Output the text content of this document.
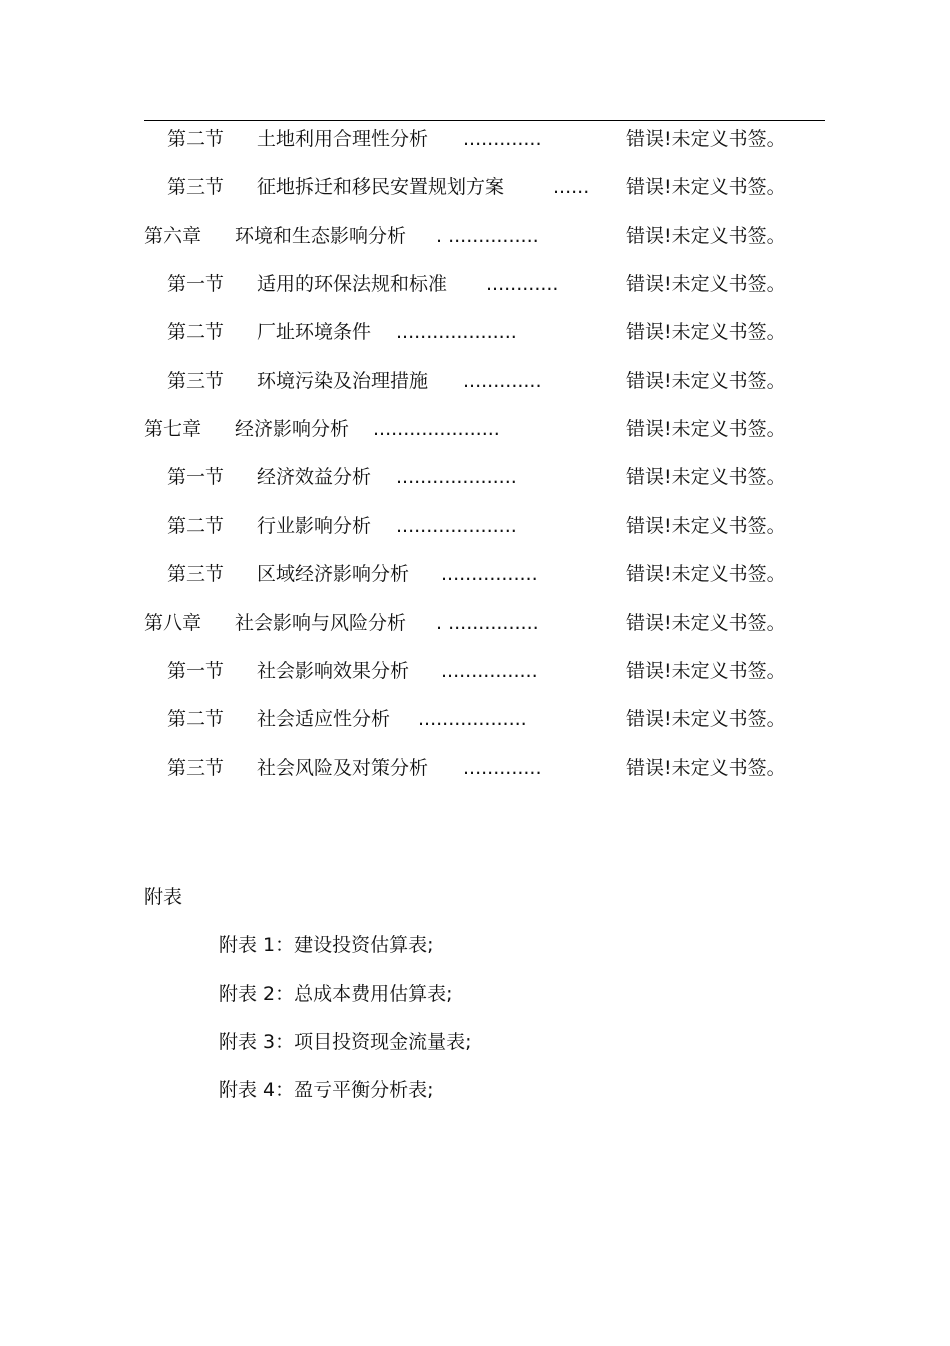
第二节 土地利用合理性分析 .............	错误!未定义书签。
第三节 征地拆迁和移民安置规划方案	...... 错误!未定义书签。
第六章 环境和生态影响分析 . ...............	错误!未定义书签。
第一节 适用的环保法规和标准 ............	错误!未定义书签。
第二节 厂址环境条件 ....................	错误!未定义书签。
第三节 环境污染及治理措施 .............	错误!未定义书签。
第七章 经济影响分析 .....................	错误!未定义书签。
第一节 经济效益分析 ....................	错误!未定义书签。
第二节 行业影响分析 ....................	错误!未定义书签。
第三节 区域经济影响分析 ................	错误!未定义书签。
第八章 社会影响与风险分析 . ...............	错误!未定义书签。
第一节 社会影响效果分析 ................	错误!未定义书签。
第二节 社会适应性分析 ..................	错误!未定义书签。
第三节 社会风险及对策分析 .............	错误!未定义书签。
附表
附表 1：建设投资估算表;
附表 2：总成本费用估算表;
附表 3：项目投资现金流量表;
附表 4：盈亏平衡分析表;
